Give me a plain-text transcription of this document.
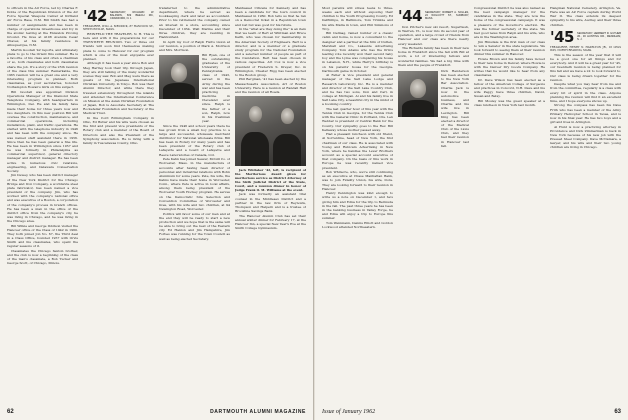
to officers in the Air Force, led by Charles F. Doble of the Republican Division of the Air Force Special Weapons Center at Kirtland Air Force Base, N.M. Bill Smith has had a number of assignments and has been in charge of operations Greenhouse and Ivy in the atomic testing at the Eniwetok Proving Ground. He lives at 4108 Avenida Cesar Chavez, at his family residence in Albuquerque, N.M.

Martin Goodall '42 reports, and ultimately plans to go to the Orient this summer. He is a favorite of his class and often a chairman or so, both classmates and both classmates share the job. It's a story of the 25th reunion of the class this summer. Remarkable, the 1965 reunion will be a great one and a very interesting program is planned. Both classmates, as your secretaries, honored Nothampton Rowan's Girls on this subject.

Bill Goodall was appointed Division Operations Manager of the Diamond State Telephone Company, with headquarters in Wilmington, Del. He and his family have made their home for three years now and two daughters. In this new position Bill will oversee the construction, maintenance, and commercial operations, including installation, plant, and traffic operations. He started with the telephone industry in 1946 and has been with the company since. He was named staff assistant there in 1956. Since then he has been general a fine life. He has been in Wilmington since 1957 and he was formerly in Philadelphia as commercial supervisor, general directory manager and district manager. He has been active in numerous civic relations, engineering, and Delaware Conservation Society.

Jim Dewey, who has been district manager of the New York District for the Chicago Bridge and Iron Company, a worldwide steel plate fabricator, has been named a vice president of the company. Jim, who has worked with the company's national office and was executive of a Boston, a corporation of the company's process in branch offices. He has been a man in the office of the district office from the company's city, he was living in Chicago, and he was living in the Chicago area.

Bill Wilkie and George Ibbitson visited the Hanover office of the Class of 1942 in 1960. They both joined Job No. 67, the Third deal in a Class Office, founded 1957 with Orvis Smith and his classmates, who spent the regular seasons of it.

Classmates the Chicago field-in brother, and the club is now a beginning of the class of the man's classmate, a Bob Tucker and George Scott, of Chicago, Illinois.

'42 SECRETARY, RICHARD W. BALDWIN, 609 BEECH RD., CRAWFORD, N. J.

TREASURER, WILL A. MEDDICK, 87 HANCOCK ST., NEWTONVILLE, MASS.

REINFELD THE TRAVELER, N. H. This is here and with it the preparations for our TWENTIETH REUNION. Two or three old friends will soon find themselves making plans to come to Hanover for our program which is one of the most enjoyable ever planned.

Although it has been a year since Bob and Meg Hartley took their trip through Japan, they are still talking of the many wonderful scenes they saw. Bob and Meg were there as guests of the Japanese International Christian University, in Tokyo. Bob was their Alumni Director, and while there they traveled extensively throughout the islands and attended the International Conference on Mission at the Asian Christian Foundation of Japan, Bob is Associate Secretary at The Rockefeller Foundation and Secretary of the Medical Trust.

In the Cord Birmingham Company in Ohio, Ed Butler and his wife were chosen as the first and present vice presidents of the Rotary club and a member of the Board of Directors and also the President of the Symphony association. He is living with a family in Tuscarawas County, Ohio.

transferred to the administrative department, where he served as bookkeeping clerk and later as accountant. Prior to his retirement the company owned an interest in a store, accounting since December of 1954. Walt Marine and their three children, they are residing in Haddonfield.

In April my roof of Ralph Fish's vision at our reunion, a position of Mark A. Morrison and Mrs. Morrison.

Bill Ryan, one of the outstanding graduates of the University of Pennsylvania class of 1943, served in the Army during the war and has been practicing medicine in Cleveland ever since. Ralph is the father of a son, Ralph, now in his freshman year.

Since the 1946 and school years there he has grown from a small boy practice to a large and successful, wholesale merchant distributor for National wholesale firms. Bill has been in Rotary for many years and has been president of the Rotary club of Lafayette and a board of Lafayette and Reeve Laboratories of Canada, Ltd.

Pete Kahn has joined Seaver, McGill Co. of Worcester, Mass. in the manufacture of accounts after having been director of personnel and industrial relations with Bohn Aluminum for some years. Pete, his wife, the Kahns have made their home in Worcester, Conn., where Pete is active in local affairs, among them being president of the Worcester Youth Hockey program. He serves on the Democratic Site Selection and Convention Committee of Worcester and lives, with his wife and two children, at 94 Newington Road, Worcester.

Politics will favor some of our men and at the end they will be ready to start a new production and we hope that is the same will be able to bring out the best of the Eastern city. Ed Hanlon and Jim Hampshire, Jim Forbes was running for the Town Council as well as being elected Secretary.

Manhasset Citizens for Kennedy and has been a candidate for the town council in Manhasset in 1960. Bob tells us that he ran on a Democrat ticket in a Republican town and lost but was good for his future.

In the "what are they doing file" is an item that we learn of Bert at Whitman and Bruce Keith, who was chosen for membership in the American Society of Engineers. Bert is a director, and is a member of a graduate study program for the National Foundation and a selected number of people as part of the foundation. Bert has been chosen in various capacities. Art Cox is now a vice president of Frederick S. Dreyer, Inc. in Wilmington, Chester Rigg has been elected to the Boston group.

Phil Bergman, '41 has been elected by the Massachusetts Association, Art of Boston University. Here is a reunion at Randall Hall and the reunion of all Roads.

Jack Whitaker '42, left, is recipient of the Meritorious Award given for meritorious service as District Attorney of the Sixth Judicial District of the State, Court, and a reunion dinner in honor of Judge Frank O. M. Williams at the event.

Jack was formerly an assistant trial counsel in the Middlesex District and a partner in the law firm of Reynolds, Thompson and Halpern and is a trustee of Brookline Savings Bank.

The Hanover Alumni Club has set their annual winter dinner for February 17, at the Hanover Inn, a special New Year's Eve at the Smith College Gymnasium.

62	DARTMOUTH ALUMNI MAGAZINE

Most parents will stress teens to three-weeks each and without exposing their children to the Youth Progressing County. Ed DePhillips, in Baltimore, Tom Trimble and his wife Maria in town, and Phil Simmons of Troy.

Bill Delmag, famed builder of a classic cabin and home, is now a consultant to the designer and a partner at the firm of Dutten, Marshall and Co., Lakeside Advertising Company. Tom Adams who has the firm's leading vote recently won their second baby boy and the Lyme was completing his house in Lebanon, N.H., while Harry's birthday is on his parents' house for the Georgia-Dartmouth game in October.

Al Feller is vice president and general manager of the Salt Lake Lodge and Research Laboratory, Inc. He is a member and director of the Salt Lake Country Club, and he has two sons, Don and Carl, in college at Michigan. Al and his family live in Salt Lake City, a beautiful city in the midst of a booming country.

The last quarter hour of this year with the Tennis Club in Georgia, for the Tennis Club with the General Clinic in Portland, Ore. Len Webber is president of Central Bank for the County. Our sympathy goes to the Rev. Bill Kellaway whose mother passed away.

Had a pleasant luncheon with old friend, Al Sorrentine, head of New York, the first chairman of our class. He is associated with Young and Rubicam Advertising in New York, where he handles the Lever Brothers account as a special account executive of that company. On the basis of this work in Europe he was recently named vice president.

Bob Whitacre, who, we're still continuing as an executive at Chase Manhattan Bank, was to join Fidelity Union, his wife, Dora. They are looking forward to their reunion in Hanover.

Henry Pennington was kind enough to write us a note on December 1, and he's giving him and Edna for the trip to Bermuda in the fall. The past three years he has been in the banking business in Valley Forge, he and Edna will enjoy a trip to Europe this summer.

Tom Weinmann, Dennis Elliott and Gordon Lockwood attended Northeastern.

'44 SECRETARY, ROBERT A. NOLLES, 24 WOLCOTT ST., SUDBURY, MASS.

Don Pitcher's new ski resort, Sugarbush, in Warren, Vt., is now into its second year of operation, and a large crowd of friends from Hanover and our class are there nearly every weekend.

The Richards family has been in their new home in Frankfort since the fall with Bill at work, a lot of interesting fellows and wonderful families. We had a big time with them and the people of Frankfort.

Dick Henderson has been elected to the New York Bar Association. Charlie Jack is now in the automotive business, and Charlie and his wife live in Lexington. Bill King has been elected a director of the Medical Club of the Lions Club, and they had their reunion in Hanover last fall.

Congressional District he was also named as the best campaign manager for the candidates in the state. They are now the home of the congressional campaign. It was a pleasure of the Governor's election. He was the former secretary of the state. We had good news from Ralph and his wife, who are in the Washington area.

Jim Hinsdale is the first man of our class to win a Senator in the state legislature. We look forward to seeing them at their reunion dinner this summer in Hanover.

Howie Brown and his family have moved to their new home in Denver, where Howie is with the Denver Dry Goods Company. He writes that he would like to hear from any classmates.

Dr. Dave Wilson has been elected as a fellow of the American College of Surgeons and practices in Concord, N.H. Dave and his wife Peggy have three children, David, Susan and Betsy.

Bill Mosley was the guest speaker at a class luncheon in New York last month.

Hangman National Cemetery, Arlington, Va. Here was an Air Force captain during World War II. The class extends its deepest sympathy to his wife, Audrey, and their three children.

'45 SECRETARY, HERBERT R. GUTHEB JR., 30 HUNTING DR., MENDHAM, N. J.

TREASURER, HENRY N. HAZELTON JR., 16 LEGS WAY, NORTH READING, MASS.

This is the season of the year that it will be a good one for all things and for everybody. And it will be a great year for '45, our twentieth reunion is being planned for this fall and we have a lot to look forward to. Our class is being drawn together for the reunion.

Despite what you may hear from me and from the committee, regularly is a class with every bit of spirit in the class. Anyone planning the reunion will find it an excellent time, and I hope everyone shows up.

Strong the compass has been his Dave Frith who has been a member of the Army Primary Helicopter School in Texas, and is now in his final year. He has two boys and a girl and lives in Arlington.

Al Hunt is now a practicing attorney in Providence and Dick Zimmerman is back in New York because of his new job with the Pressed Steel Company. Dave McNamara, a lawyer, and his wife and their two young children are living in Chicago.

Issue of January 1962	63
